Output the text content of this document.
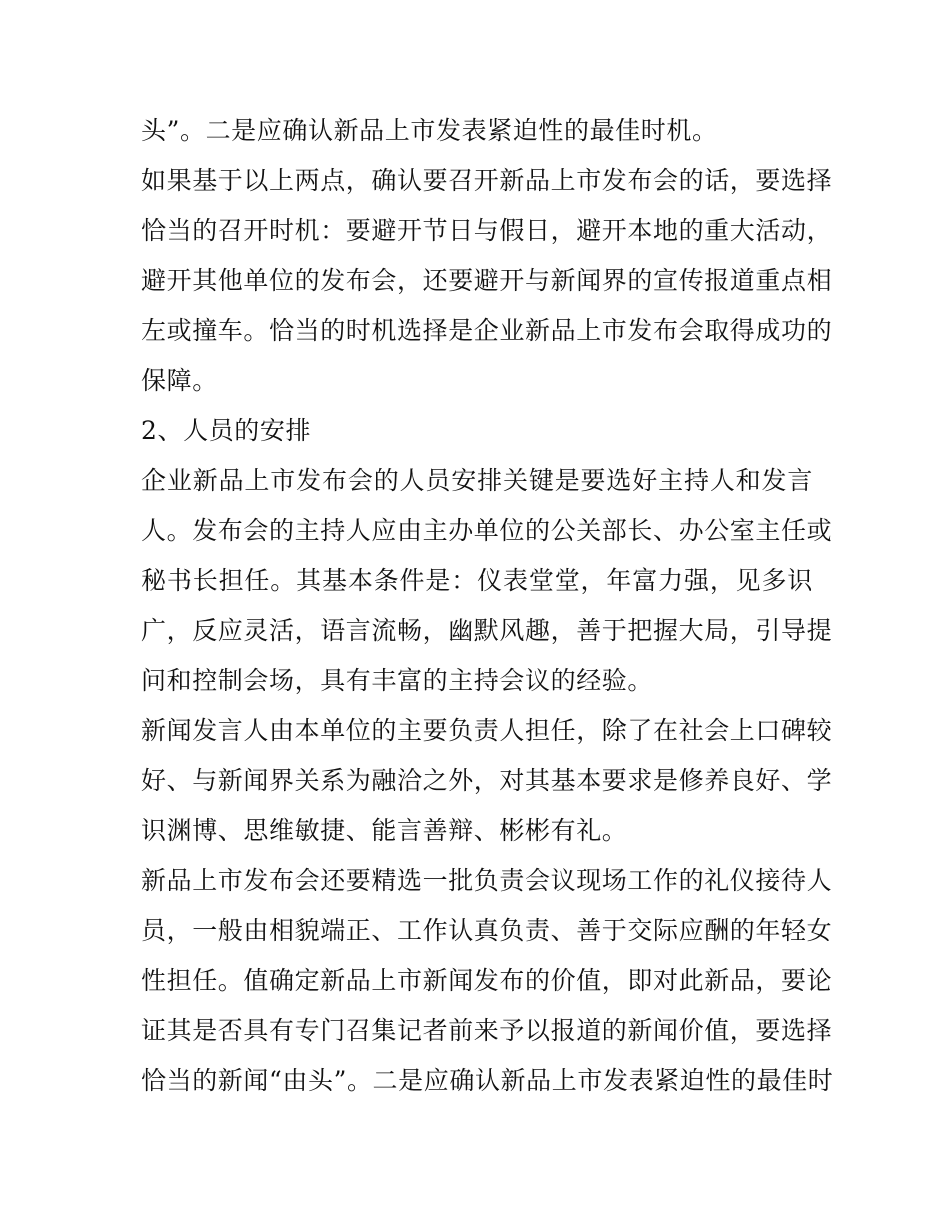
头”。二是应确认新品上市发表紧迫性的最佳时机。
如果基于以上两点，确认要召开新品上市发布会的话，要选择
恰当的召开时机：要避开节日与假日，避开本地的重大活动，
避开其他单位的发布会，还要避开与新闻界的宣传报道重点相
左或撞车。恰当的时机选择是企业新品上市发布会取得成功的
保障。
2、人员的安排
企业新品上市发布会的人员安排关键是要选好主持人和发言
人。发布会的主持人应由主办单位的公关部长、办公室主任或
秘书长担任。其基本条件是：仪表堂堂，年富力强，见多识
广，反应灵活，语言流畅，幽默风趣，善于把握大局，引导提
问和控制会场，具有丰富的主持会议的经验。
新闻发言人由本单位的主要负责人担任，除了在社会上口碑较
好、与新闻界关系为融洽之外，对其基本要求是修养良好、学
识渊博、思维敏捷、能言善辩、彬彬有礼。
新品上市发布会还要精选一批负责会议现场工作的礼仪接待人
员，一般由相貌端正、工作认真负责、善于交际应酬的年轻女
性担任。值确定新品上市新闻发布的价值，即对此新品，要论
证其是否具有专门召集记者前来予以报道的新闻价值，要选择
恰当的新闻“由头”。二是应确认新品上市发表紧迫性的最佳时
